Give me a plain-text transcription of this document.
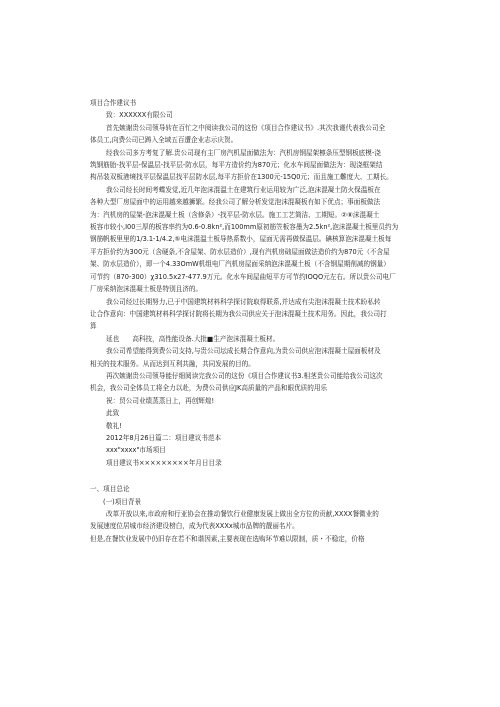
项目合作建议书
致：XXXXXX有限公司
首先嫉谢贵公司领导转在百忙之中阅读我公司的这份《项目合作建议书》.其次我谨代表我公司全
体员工,向费公司已踌入全域五百遭企业志示庆贺。
经我公司多方考复了解.贵公司现有主厂房汽机屋面做法为：汽机房钢屋架檩条压型钢板底模-浇
筑钢筋胎-找平层-保温层-找平层-防水层，每平方造价约为870元；化水车间屋面做法为：现浇框架结
构吊装双板港境找平层保温层找平层防水层,每平方拒价在1300元-15Q0元；而且施工難度大、工期长。
我公司经长时间考蝶发觉,近几年泡沫混温土在建筑行业运用较为广泛,泡沫混凝土防火保温板在
各种大型厂房屋面中的运用越来越狮繁。经我公司了解分析发觉泡沫混凝板有如下优点；事面板做法
为：汽机房的屋架-泡沫混凝土板（含修条）-找平层-防水层。施工工艺简洁、工期短。②⑧沫混凝土
板容市较小,I00三厚的板容率约为0.6-0.8kn²,而100mm原初筋笠板容墨为2.5kn²,泡沫混凝土板里员约为
钢筋帆板里里的1/3.1-1/4.2,⑤电沫混温土板导热系数小，屋面无需再做保温层。碘核算泡沫混凝土板每
平方拒价约为300元（含硬条,不含屋架、防水层造价）,现有汽机房础屋面做法造价约为870元（不含屋
架、防水层造价），即一个4.33OmW机组电厂汽机房屋面采纳泡沫混凝土板（不含钢屋期削减的钢量）
可节约（870-300）χ310.5x27-477.9万元。化水车间屋曲短平方可节约IOQO元左右。所以贵公司电厂
厂房采纳泡沫混凝土板是特别且济的。
我公司经过长期努力,已于中国建筑材料科学探讨院取得联系,并达成有尖泡沫混凝土技术盼私转
让合作意向：中国建筑材料科学探讨院将长期为我公司供应关于泡沫混凝土技术用务。因此，我公司打
算
延也　　高科技，高性能设备.大批■生产泡沫混凝土板材。
我公司希望能得到费公司支持,与贵公司坛成长期合作意向,为贵公司供应泡沫混凝土屋面板材及
相关的技术服务。从而达到互利共融，共同发展的目的。
再次嫉谢贵公司领导能仔细阅读完我公司的这份《项目合作建议书3.相茎贵公司能给我公司这次
机会，我公司全体员工将全力以赴，为费公司供应JK高质量的产品和眼优质的用乐
祝：贸公司业绩蒸蒸日上，再创辉煌!
此致
敬礼!
2012年8月26日篇二：项目建议书范本
xxx"xxxx"市场项目
项目建议书×××××××××年月日目录
一、项目总论
(一)项目背景
改革开放以来,市政府和行亚协会在推动餐饮行业健康发展上做出全方位的贡献,XXXX餐微业的
发展速度位居城市经济建设榜白，成为代表XXXx城市品牌的靓丽名片。
但是,在餐饮业发展中仍旧存在若不和谐因素,主要表现在选购环节难以限制，质・不稳定，价格
